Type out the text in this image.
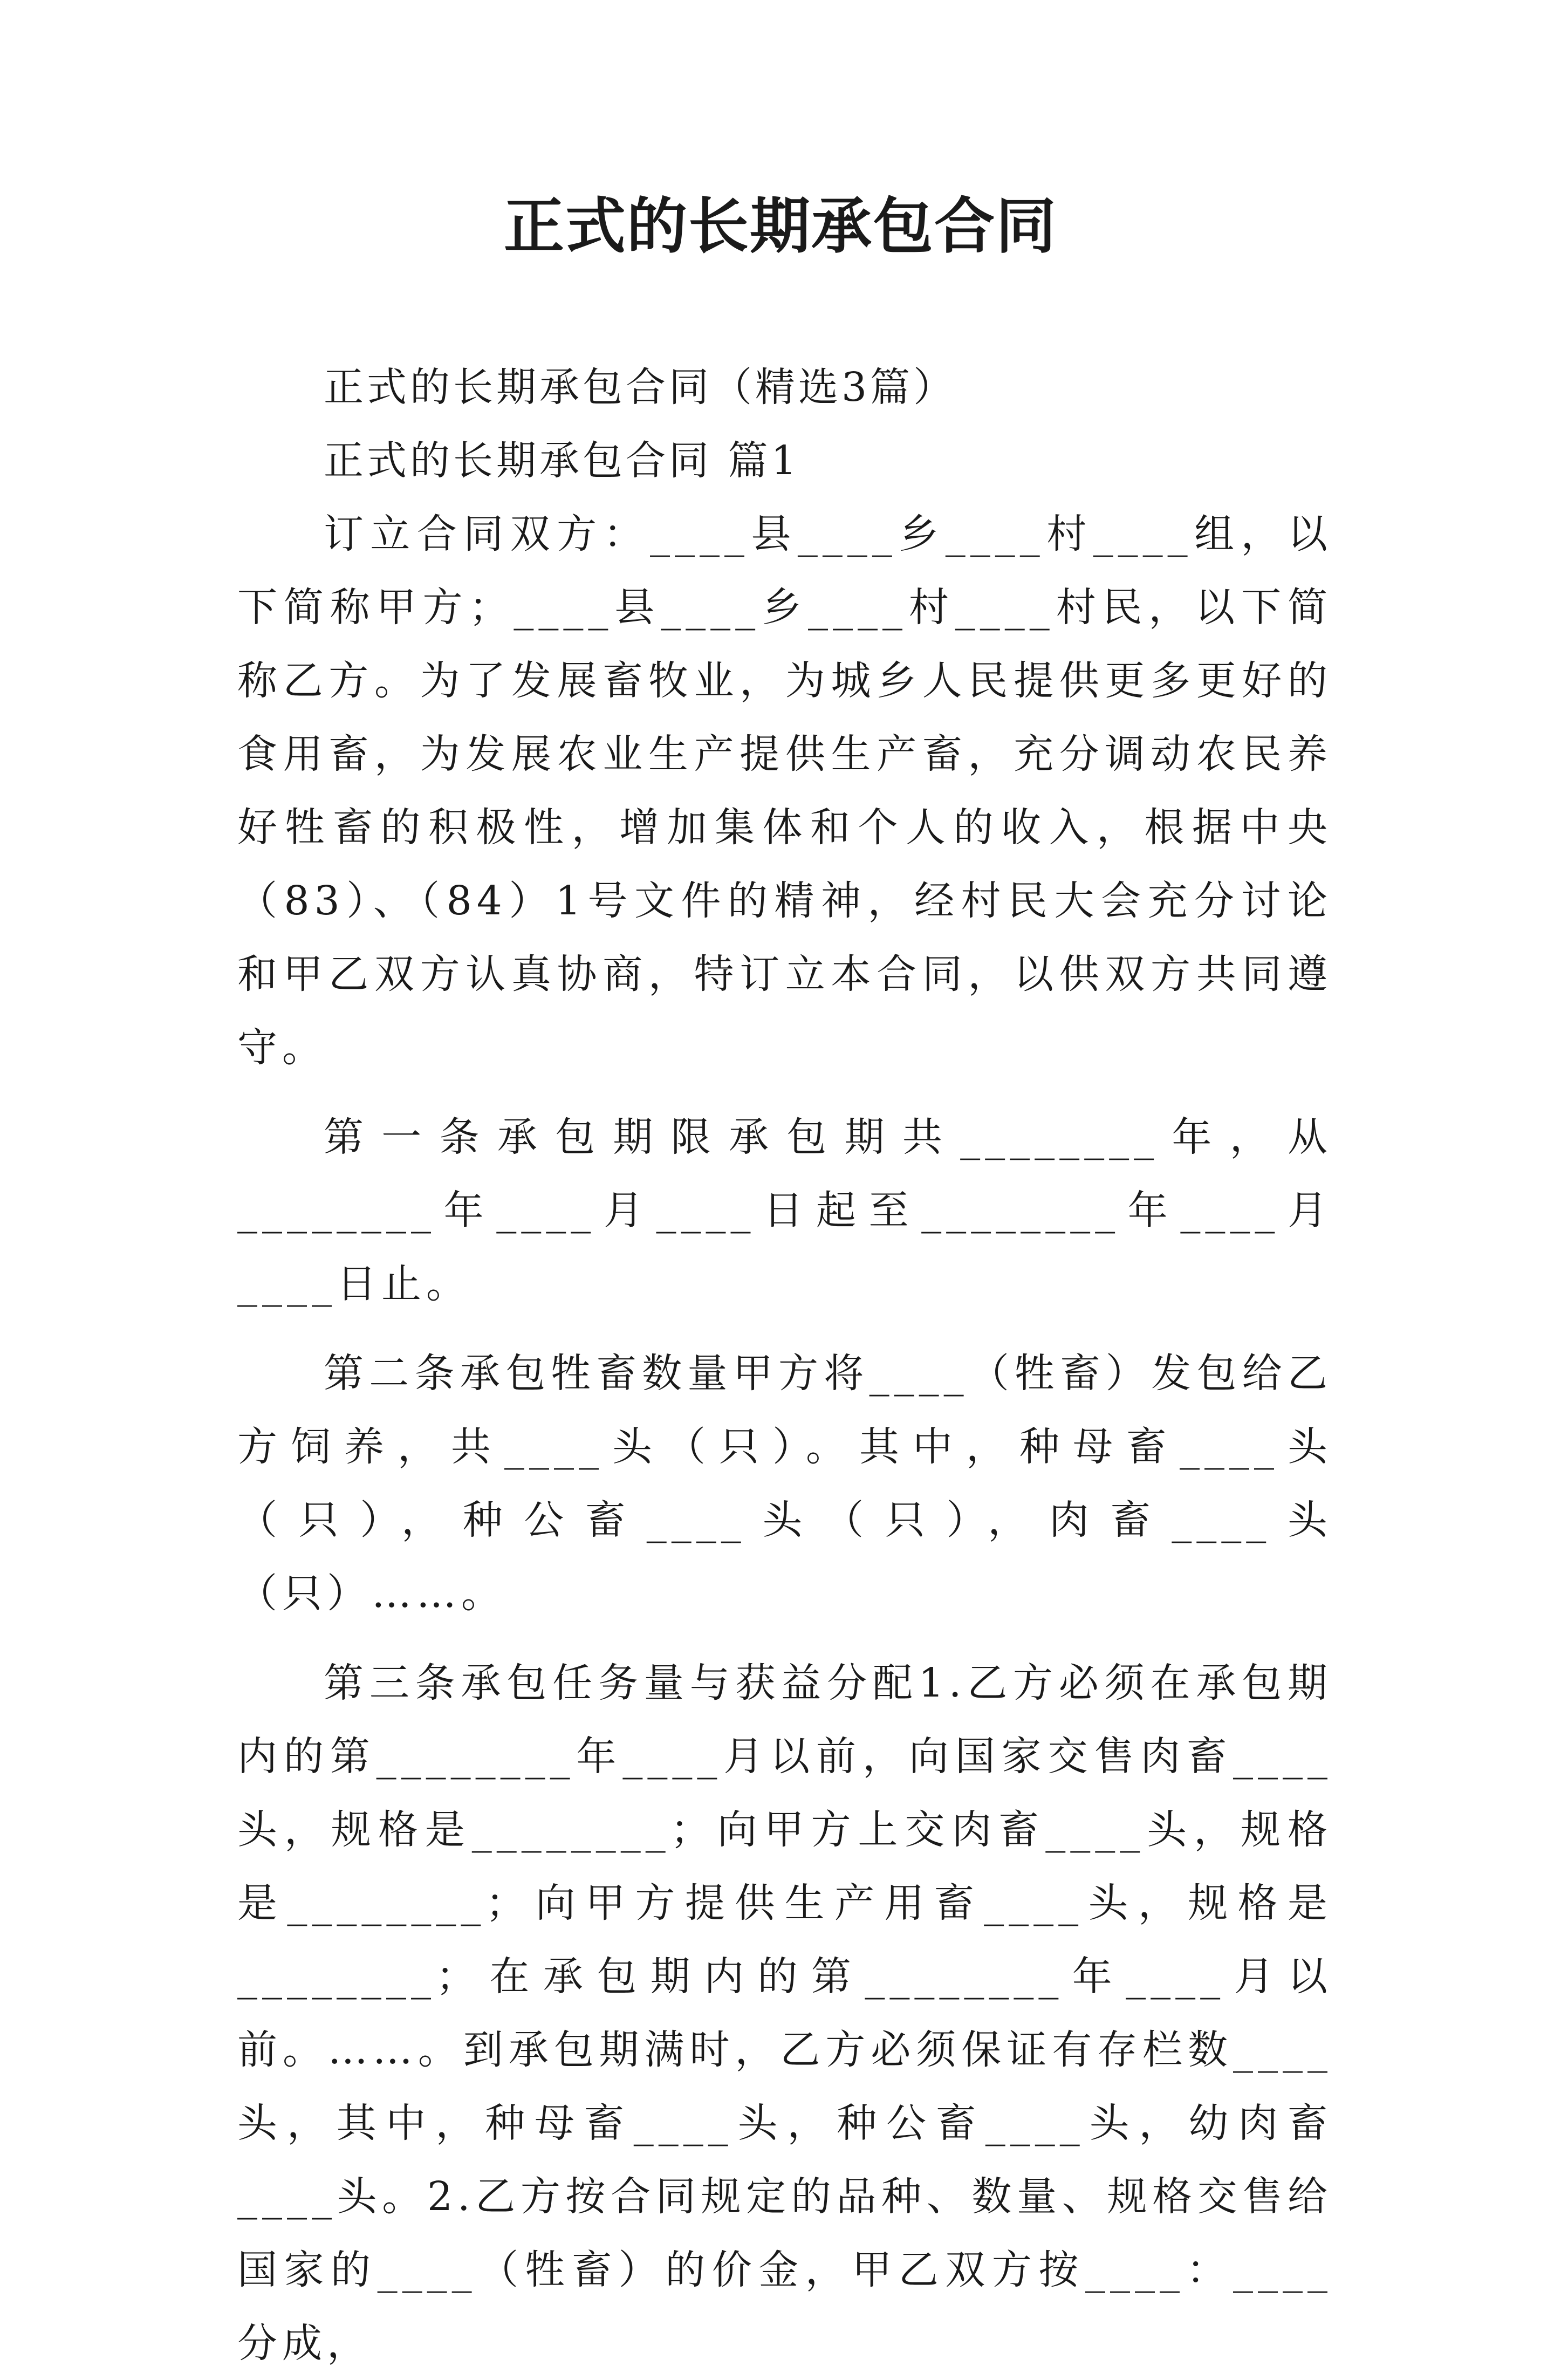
正式的长期承包合同

正式的长期承包合同（精选3篇）

正式的长期承包合同 篇1

订立合同双方：____县____乡____村____组，以下简称甲方；____县____乡____村____村民，以下简称乙方。为了发展畜牧业，为城乡人民提供更多更好的食用畜，为发展农业生产提供生产畜，充分调动农民养好牲畜的积极性，增加集体和个人的收入，根据中央（83）、（84）1号文件的精神，经村民大会充分讨论和甲乙双方认真协商，特订立本合同，以供双方共同遵守。

第一条承包期限承包期共________年，从________年____月____日起至________年____月____日止。

第二条承包牲畜数量甲方将____（牲畜）发包给乙方饲养，共____头（只）。其中，种母畜____头（只），种公畜____头（只），肉畜____头（只）……。

第三条承包任务量与获益分配1.乙方必须在承包期内的第________年____月以前，向国家交售肉畜____头，规格是________；向甲方上交肉畜____头，规格是________；向甲方提供生产用畜____头，规格是________；在承包期内的第________年____月以前。……。到承包期满时，乙方必须保证有存栏数____头，其中，种母畜____头，种公畜____头，幼肉畜____头。2.乙方按合同规定的品种、数量、规格交售给国家的____（牲畜）的价金，甲乙双方按____：____分成，
